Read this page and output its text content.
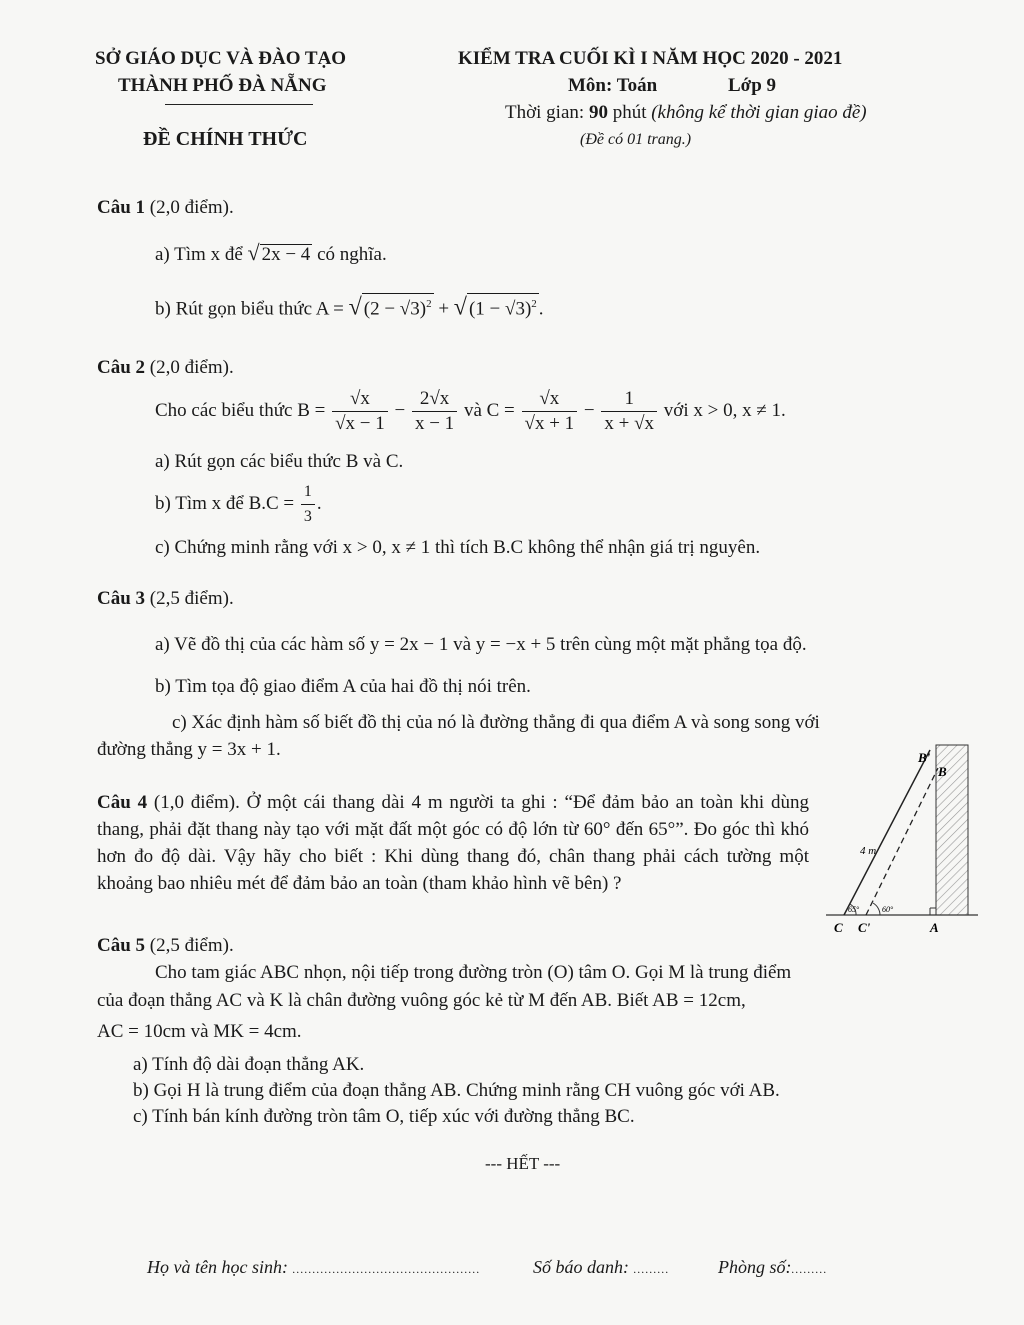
SỞ GIÁO DỤC VÀ ĐÀO TẠO
THÀNH PHỐ ĐÀ NẴNG
ĐỀ CHÍNH THỨC
KIỂM TRA CUỐI KÌ I NĂM HỌC 2020 - 2021
Môn: Toán	Lớp 9
Thời gian: 90 phút (không kể thời gian giao đề)
(Đề có 01 trang.)
Câu 1 (2,0 điểm).
a) Tìm x để √ 2x − 4 có nghĩa.
b) Rút gọn biểu thức A = √ $(2 - √3)^2$ + √ $(1 - √3)^2$ .
Câu 2 (2,0 điểm).
Cho các biểu thức $B = \frac{√x}{√x - 1} - \frac{2√x}{x - 1}$ và $C = \frac{√x}{√x + 1} - \frac{1}{x + √x}$ với x > 0, x ≠ 1.
a) Rút gọn các biểu thức B và C.
b) Tìm x để $B.C = \frac{1}{3}$ .
c) Chứng minh rằng với x > 0, x ≠ 1 thì tích B.C không thể nhận giá trị nguyên.
Câu 3 (2,5 điểm).
a) Vẽ đồ thị của các hàm số y = 2x − 1 và y = −x + 5 trên cùng một mặt phẳng tọa độ.
b) Tìm tọa độ giao điểm A của hai đồ thị nói trên.
c) Xác định hàm số biết đồ thị của nó là đường thẳng đi qua điểm A và song song với
đường thẳng y = 3x + 1.
Câu 4 (1,0 điểm). Ở một cái thang dài 4 m người ta ghi : “Để đảm bảo an toàn khi dùng thang, phải đặt thang này tạo với mặt đất một góc có độ lớn từ 60° đến 65°”. Đo góc thì khó hơn đo độ dài. Vậy hãy cho biết : Khi dùng thang đó, chân thang phải cách tường một khoảng bao nhiêu mét để đảm bảo an toàn (tham khảo hình vẽ bên) ?
65°	60°
4 m
B'
B
C C'	A
Câu 5 (2,5 điểm).
Cho tam giác ABC nhọn, nội tiếp trong đường tròn (O) tâm O. Gọi M là trung điểm
của đoạn thẳng AC và K là chân đường vuông góc kẻ từ M đến AB. Biết AB = 12cm,
AC = 10cm và MK = 4cm.
a) Tính độ dài đoạn thẳng AK.
b) Gọi H là trung điểm của đoạn thẳng AB. Chứng minh rằng CH vuông góc với AB.
c) Tính bán kính đường tròn tâm O, tiếp xúc với đường thẳng BC.
--- HẾT ---
Họ và tên học sinh: ...............................................	Số báo danh: .........	Phòng số:.........
